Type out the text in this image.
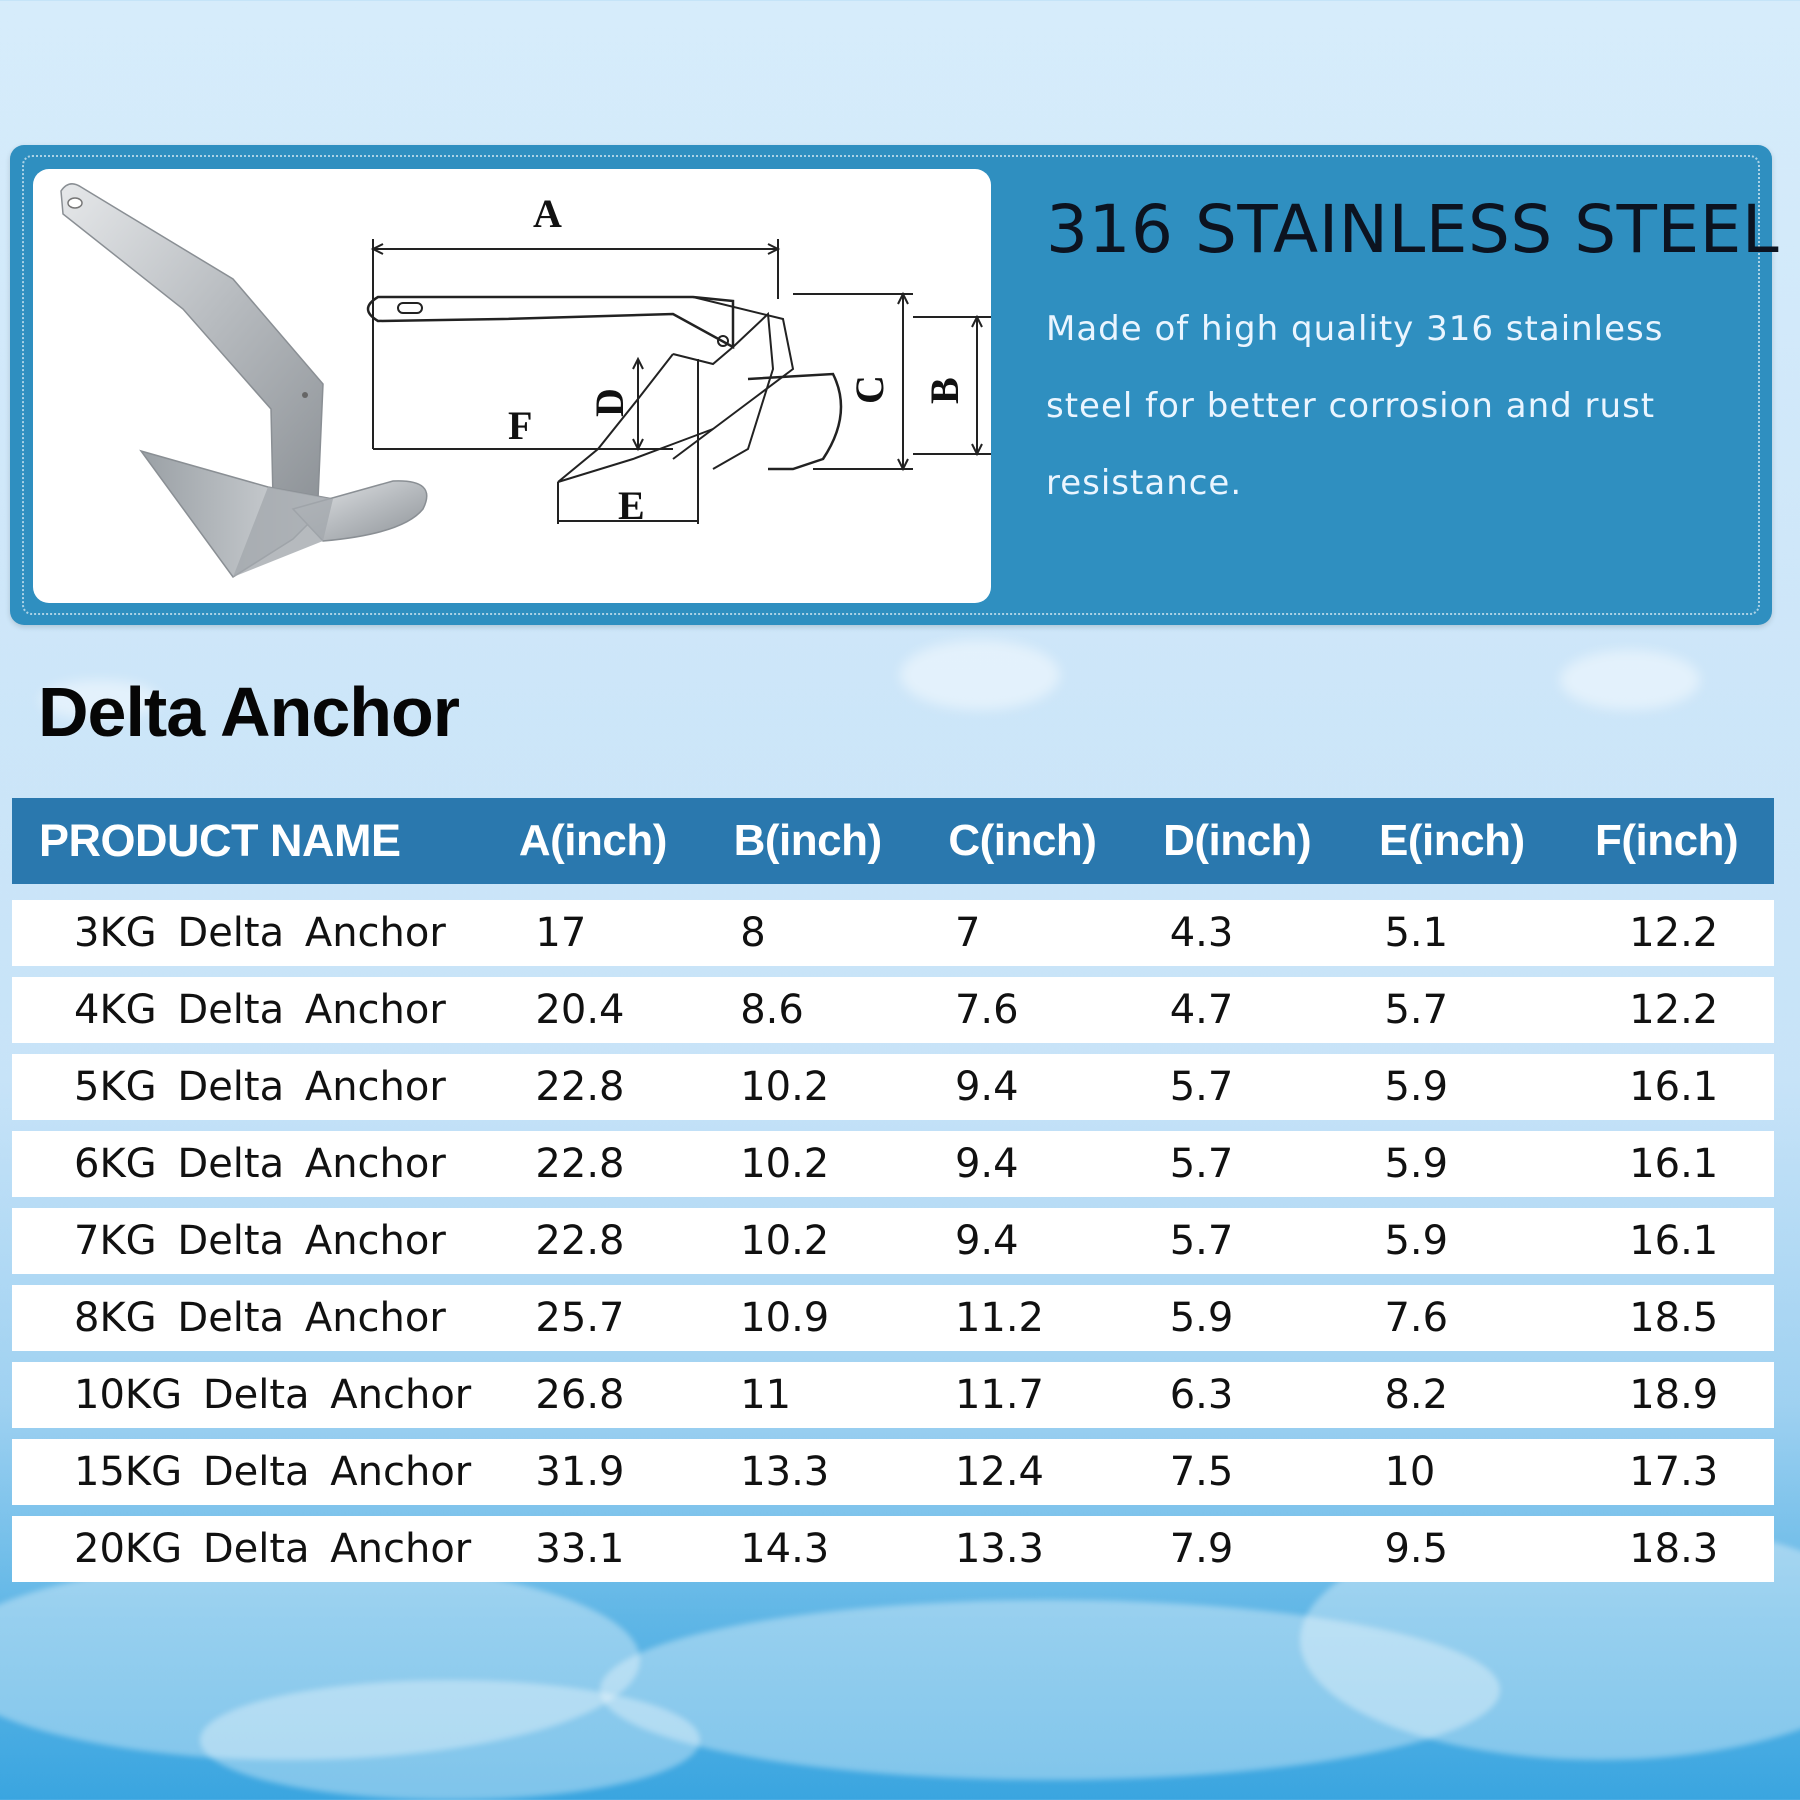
A
F
D
E
C B
316 STAINLESS STEEL

Made of high quality 316 stainless steel for better corrosion and rust resistance.

Delta Anchor
PRODUCT NAME	A(inch)	B(inch)	C(inch)	D(inch)	E(inch)	F(inch)
3KG Delta Anchor	17	8	7	4.3	5.1	12.2
4KG Delta Anchor	20.4	8.6	7.6	4.7	5.7	12.2
5KG Delta Anchor	22.8	10.2	9.4	5.7	5.9	16.1
6KG Delta Anchor	22.8	10.2	9.4	5.7	5.9	16.1
7KG Delta Anchor	22.8	10.2	9.4	5.7	5.9	16.1
8KG Delta Anchor	25.7	10.9	11.2	5.9	7.6	18.5
10KG Delta Anchor	26.8	11	11.7	6.3	8.2	18.9
15KG Delta Anchor	31.9	13.3	12.4	7.5	10	17.3
20KG Delta Anchor	33.1	14.3	13.3	7.9	9.5	18.3
